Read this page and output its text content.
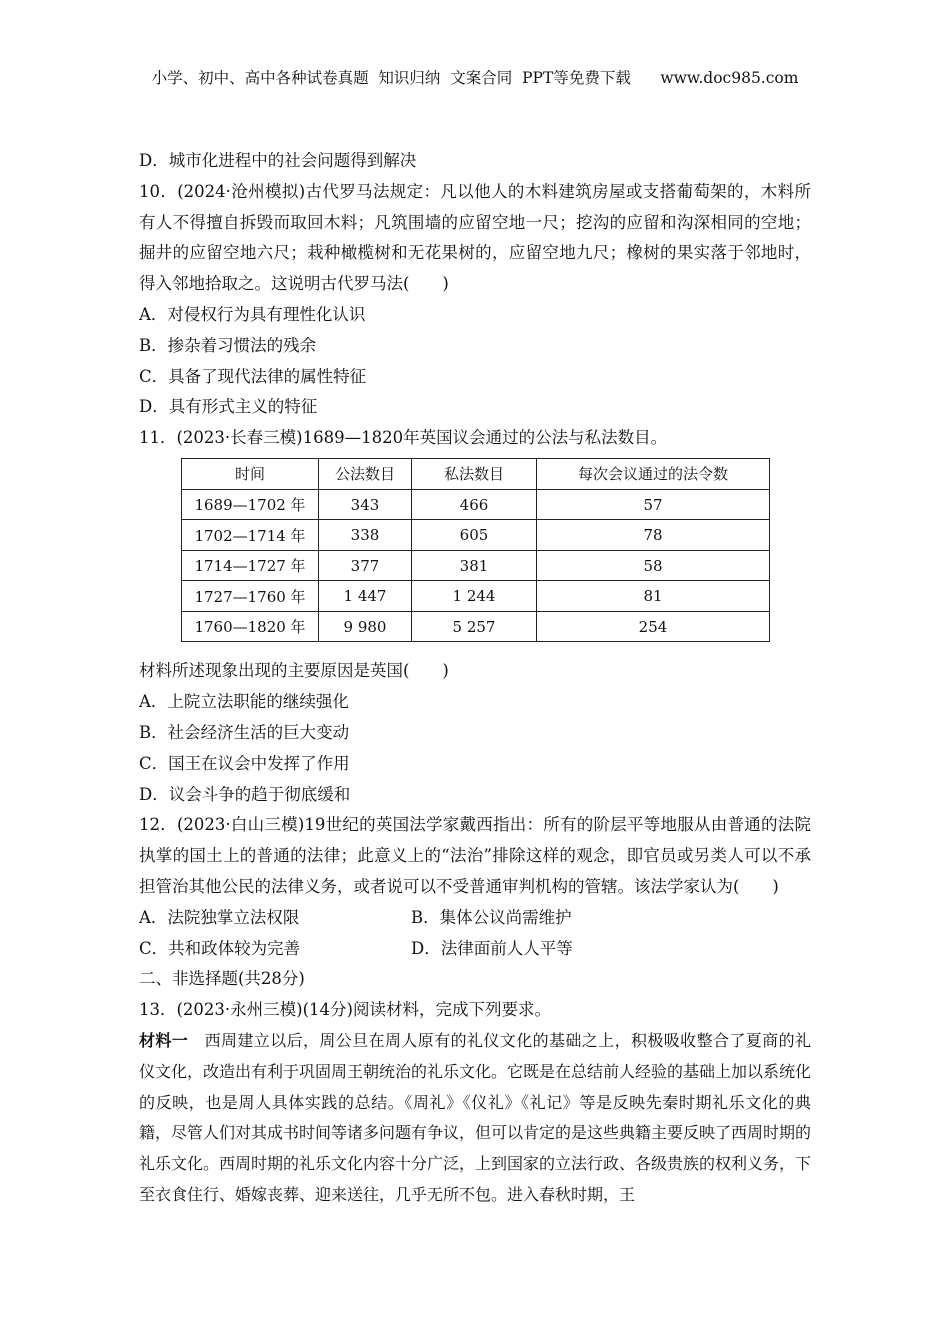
小学、初中、高中各种试卷真题  知识归纳  文案合同  PPT等免费下载 www.doc985.com

D．城市化进程中的社会问题得到解决

10．(2024·沧州模拟)古代罗马法规定：凡以他人的木料建筑房屋或支搭葡萄架的，木料所有人不得擅自拆毁而取回木料；凡筑围墙的应留空地一尺；挖沟的应留和沟深相同的空地；掘井的应留空地六尺；栽种橄榄树和无花果树的，应留空地九尺；橡树的果实落于邻地时，得入邻地拾取之。这说明古代罗马法(　　)

A．对侵权行为具有理性化认识

B．掺杂着习惯法的残余

C．具备了现代法律的属性特征

D．具有形式主义的特征

11．(2023·长春三模)1689—1820年英国议会通过的公法与私法数目。

时间	公法数目	私法数目	每次会议通过的法令数
1689—1702 年	343	466	57
1702—1714 年	338	605	78
1714—1727 年	377	381	58
1727—1760 年	1 447	1 244	81
1760—1820 年	9 980	5 257	254

材料所述现象出现的主要原因是英国(　　)

A．上院立法职能的继续强化

B．社会经济生活的巨大变动

C．国王在议会中发挥了作用

D．议会斗争的趋于彻底缓和

12．(2023·白山三模)19世纪的英国法学家戴西指出：所有的阶层平等地服从由普通的法院执掌的国土上的普通的法律；此意义上的“法治”排除这样的观念，即官员或另类人可以不承担管治其他公民的法律义务，或者说可以不受普通审判机构的管辖。该法学家认为(　　)

A．法院独掌立法权限	B．集体公议尚需维护

C．共和政体较为完善	D．法律面前人人平等

二、非选择题(共28分)

13．(2023·永州三模)(14分)阅读材料，完成下列要求。

材料一　西周建立以后，周公旦在周人原有的礼仪文化的基础之上，积极吸收整合了夏商的礼仪文化，改造出有利于巩固周王朝统治的礼乐文化。它既是在总结前人经验的基础上加以系统化的反映，也是周人具体实践的总结。《周礼》《仪礼》《礼记》等是反映先秦时期礼乐文化的典籍，尽管人们对其成书时间等诸多问题有争议，但可以肯定的是这些典籍主要反映了西周时期的礼乐文化。西周时期的礼乐文化内容十分广泛，上到国家的立法行政、各级贵族的权利义务，下至衣食住行、婚嫁丧葬、迎来送往，几乎无所不包。进入春秋时期，王
